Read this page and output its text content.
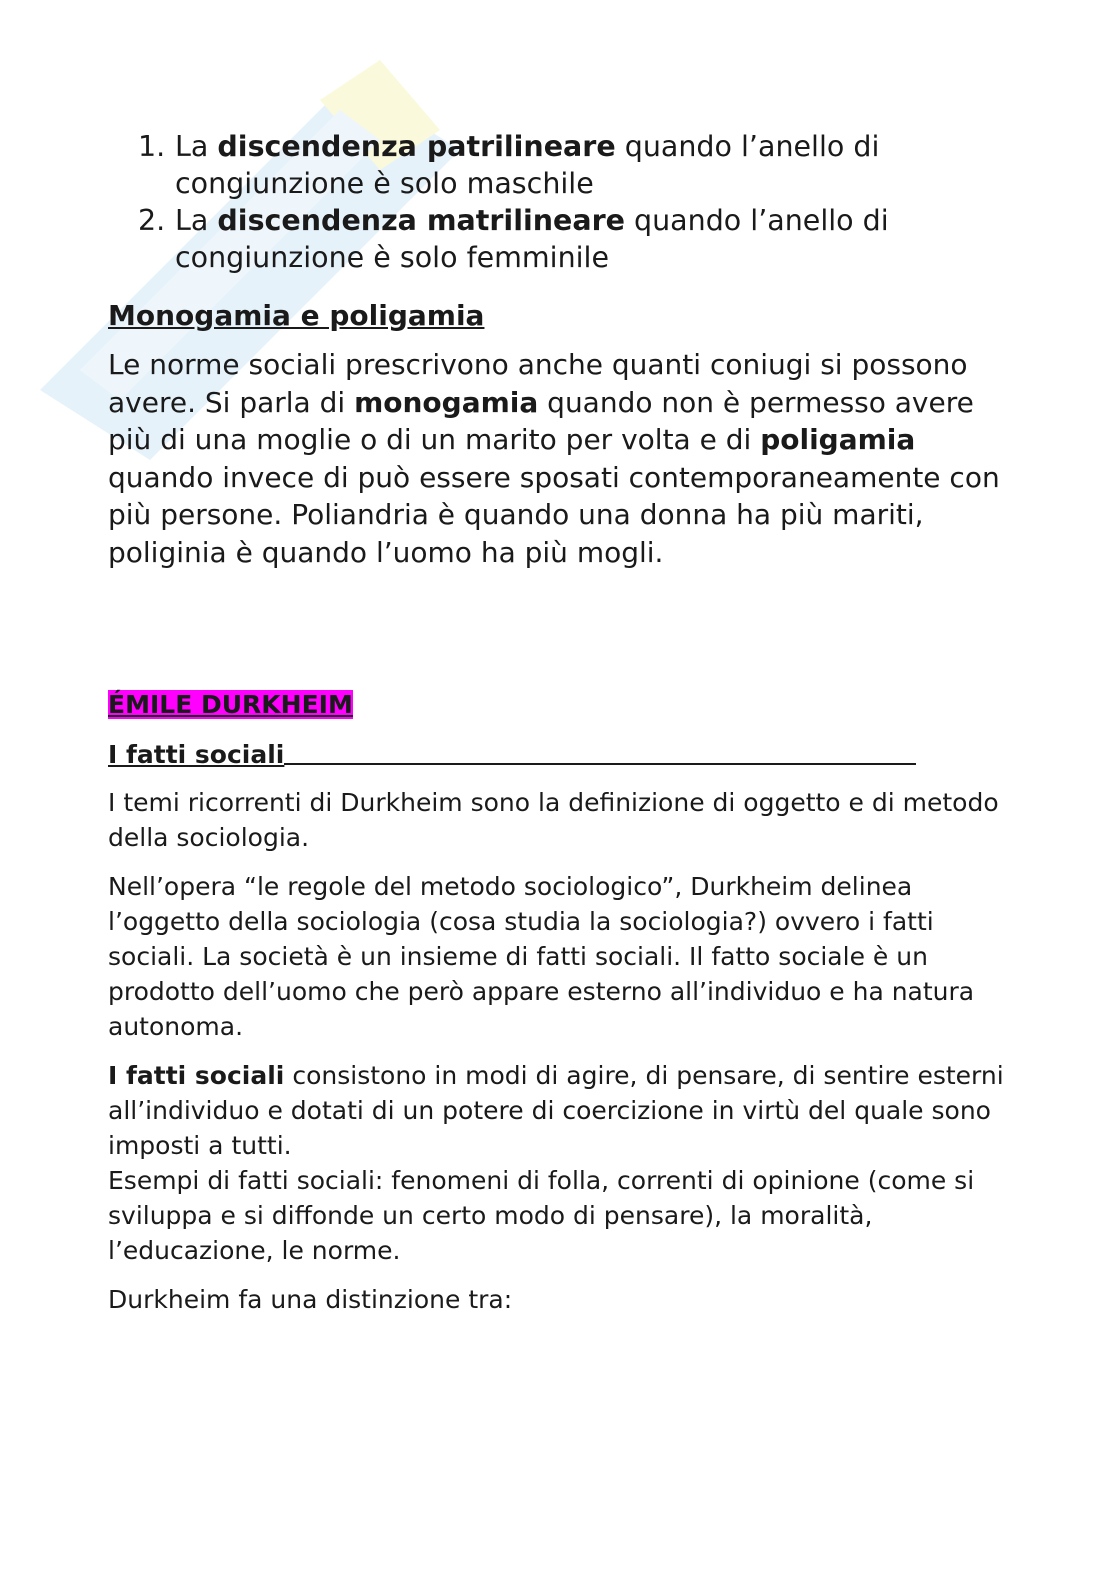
1. La discendenza patrilineare quando l’anello di congiunzione è solo maschile
2. La discendenza matrilineare quando l’anello di congiunzione è solo femminile
Monogamia e poligamia

Le norme sociali prescrivono anche quanti coniugi si possono avere. Si parla di monogamia quando non è permesso avere più di una moglie o di un marito per volta e di poligamia quando invece di può essere sposati contemporaneamente con più persone. Poliandria è quando una donna ha più mariti, poliginia è quando l’uomo ha più mogli.

ÉMILE DURKHEIM
I fatti sociali

I temi ricorrenti di Durkheim sono la definizione di oggetto e di metodo della sociologia.

Nell’opera “le regole del metodo sociologico”, Durkheim delinea l’oggetto della sociologia (cosa studia la sociologia?) ovvero i fatti sociali. La società è un insieme di fatti sociali. Il fatto sociale è un prodotto dell’uomo che però appare esterno all’individuo e ha natura autonoma.

I fatti sociali consistono in modi di agire, di pensare, di sentire esterni all’individuo e dotati di un potere di coercizione in virtù del quale sono imposti a tutti.

Esempi di fatti sociali: fenomeni di folla, correnti di opinione (come si sviluppa e si diffonde un certo modo di pensare), la moralità, l’educazione, le norme.

Durkheim fa una distinzione tra:
